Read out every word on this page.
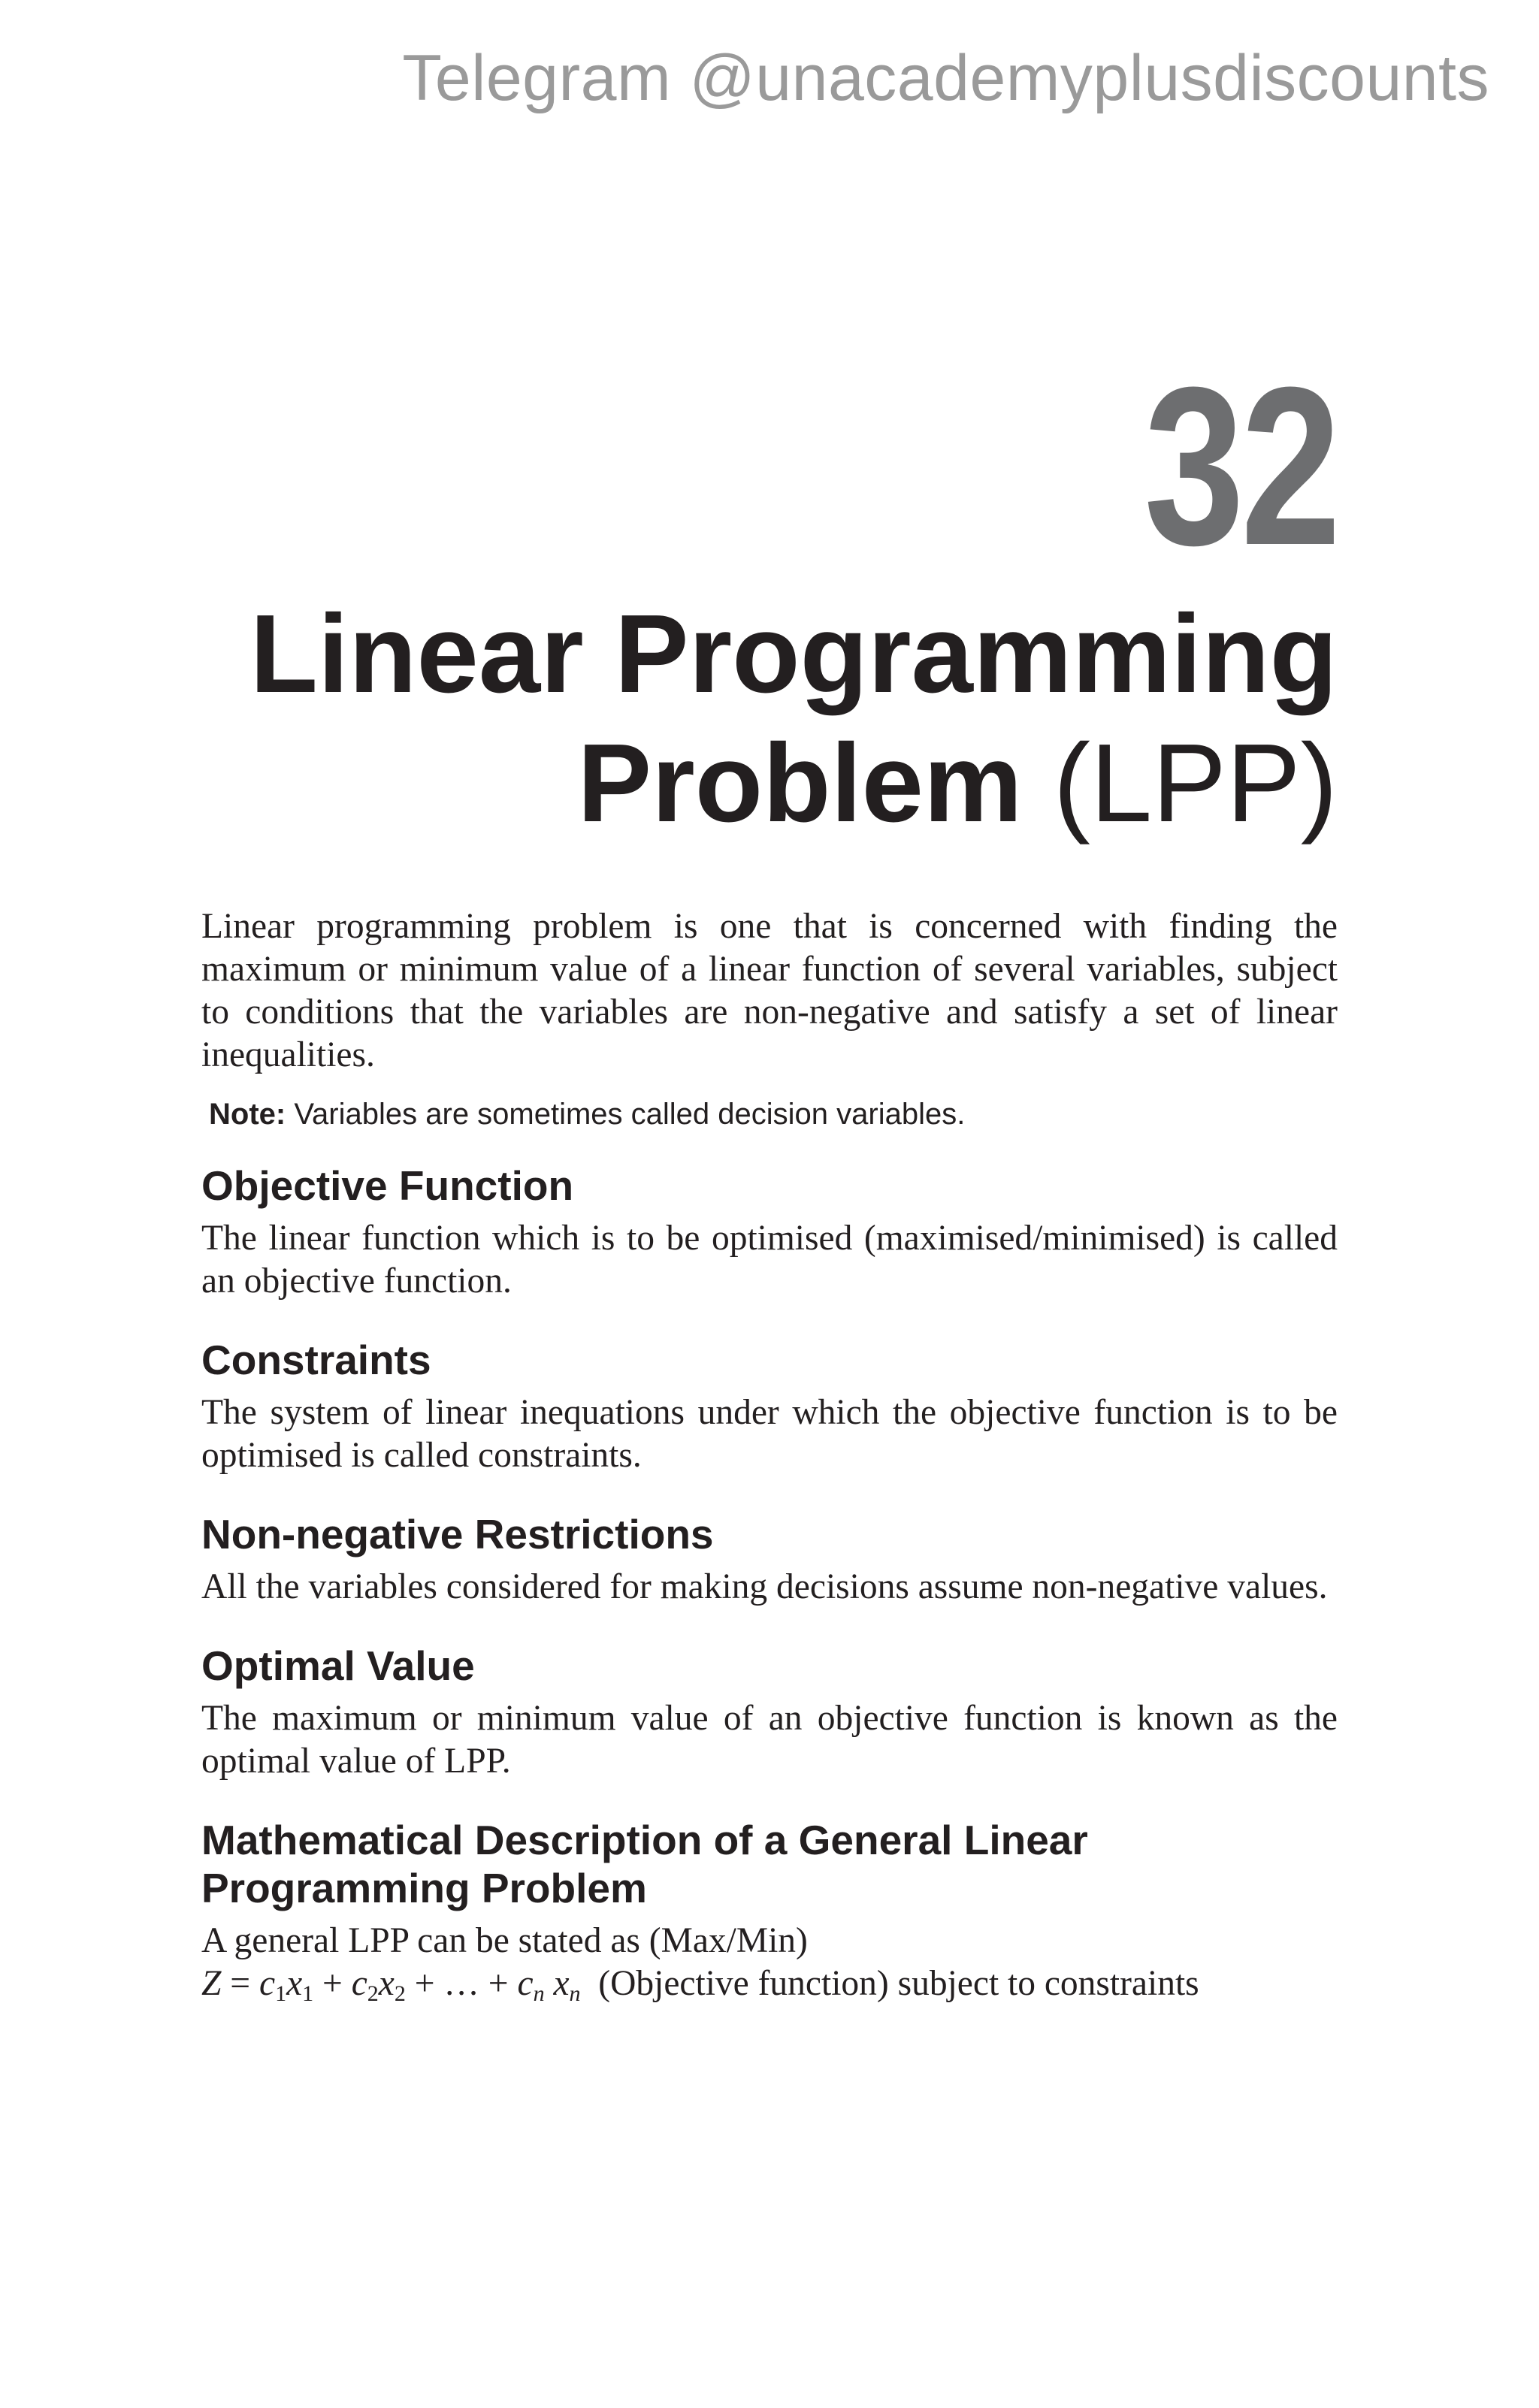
Telegram @unacademyplusdiscounts
32
Linear Programming
Problem (LPP)

Linear programming problem is one that is concerned with finding the maximum or minimum value of a linear function of several variables, subject to conditions that the variables are non-negative and satisfy a set of linear inequalities.

Note: Variables are sometimes called decision variables.
Objective Function

The linear function which is to be optimised (maximised/minimised) is called an objective function.

Constraints

The system of linear inequations under which the objective function is to be optimised is called constraints.

Non-negative Restrictions

All the variables considered for making decisions assume non-negative values.

Optimal Value

The maximum or minimum value of an objective function is known as the optimal value of LPP.

Mathematical Description of a General Linear
Programming Problem

A general LPP can be stated as (Max/Min)

$Z = c_1x_1 + c_2x_2$ + … + $c_n$ $x_n$ (Objective function) subject to constraints
